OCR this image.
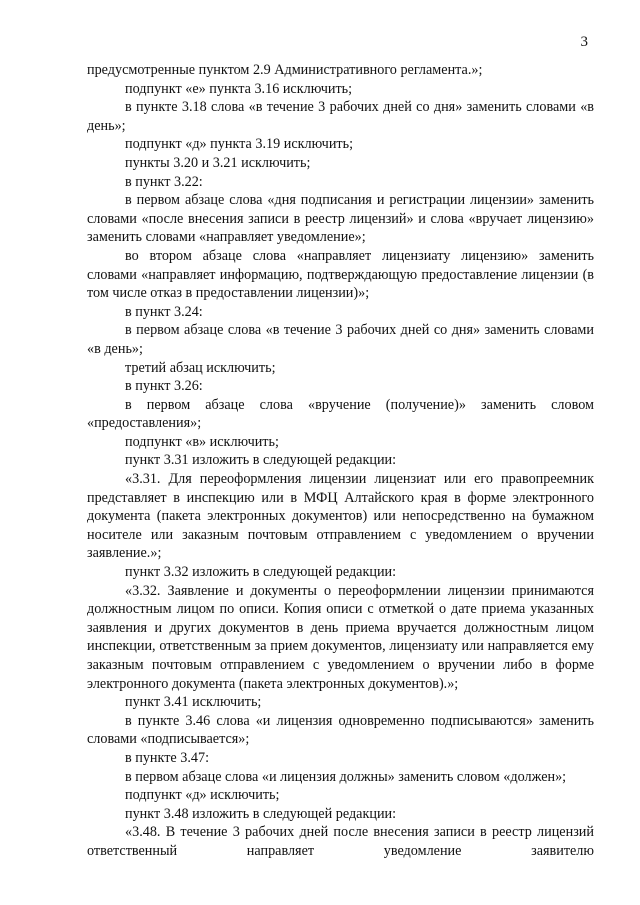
3

предусмотренные пунктом 2.9 Административного регламента.»;

подпункт «е» пункта 3.16 исключить;

в пункте 3.18 слова «в течение 3 рабочих дней со дня» заменить словами «в день»;

подпункт «д» пункта 3.19 исключить;

пункты 3.20 и 3.21 исключить;

в пункт 3.22:

в первом абзаце слова «дня подписания и регистрации лицензии» заменить словами «после внесения записи в реестр лицензий» и слова «вручает лицензию» заменить словами «направляет уведомление»;

во втором абзаце слова «направляет лицензиату лицензию» заменить словами «направляет информацию, подтверждающую предоставление лицензии (в том числе отказ в предоставлении лицензии)»;

в пункт 3.24:

в первом абзаце слова «в течение 3 рабочих дней со дня» заменить словами «в день»;

третий абзац исключить;

в пункт 3.26:

в первом абзаце слова «вручение (получение)» заменить словом «предоставления»;

подпункт «в» исключить;

пункт 3.31 изложить в следующей редакции:

«3.31. Для переоформления лицензии лицензиат или его правопреемник представляет в инспекцию или в МФЦ Алтайского края в форме электронного документа (пакета электронных документов) или непосредственно на бумажном носителе или заказным почтовым отправлением с уведомлением о вручении заявление.»;

пункт 3.32 изложить в следующей редакции:

«3.32. Заявление и документы о переоформлении лицензии принимаются должностным лицом по описи. Копия описи с отметкой о дате приема указанных заявления и других документов в день приема вручается должностным лицом инспекции, ответственным за прием документов, лицензиату или направляется ему заказным почтовым отправлением с уведомлением о вручении либо в форме электронного документа (пакета электронных документов).»;

пункт 3.41 исключить;

в пункте 3.46 слова «и лицензия одновременно подписываются» заменить словами «подписывается»;

в пункте 3.47:

в первом абзаце слова «и лицензия должны» заменить словом «должен»;

подпункт «д» исключить;

пункт 3.48 изложить в следующей редакции:

«3.48. В течение 3 рабочих дней после внесения записи в реестр лицензий ответственный направляет уведомление заявителю
